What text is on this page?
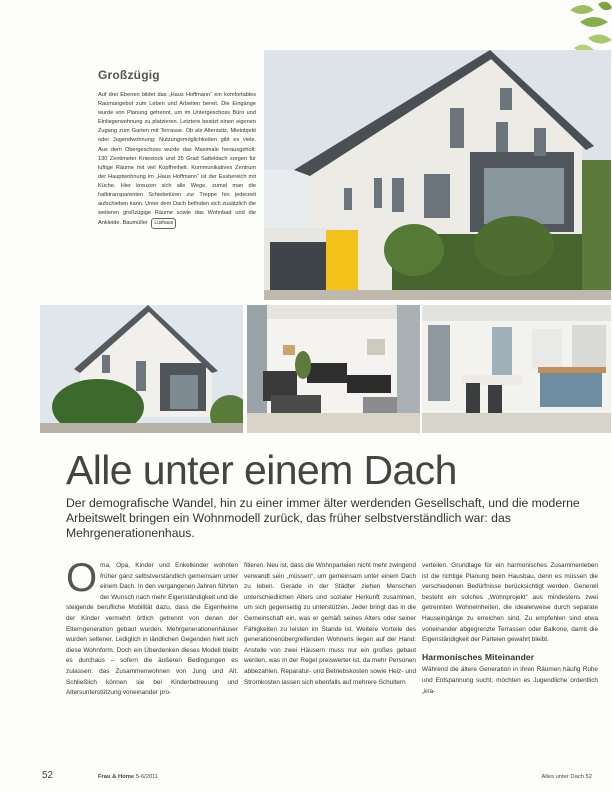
Großzügig

Auf drei Ebenen bildet das „Haus Hoffmann“ ein komfortables Raumangebot zum Leben und Arbeiten bereit. Die Eingänge wurde von Planung getrennt, um im Untergeschoss Büro und Einliegerwohnung zu platzieren. Letztere besitzt einen eigenen Zugang zum Garten mit Terrasse. Ob als Alterssitz, Mietobjekt oder Jugendwohnung: Nutzungsmöglichkeiten gibt es viele. Aus dem Obergeschoss wurde das Maximale herausgeholt: 130 Zentimeter Kniestock und 35 Grad Satteldach sorgen für luftige Räume mit viel Kopffreiheit. Kommunikatives Zentrum der Hauptwohnung im „Haus Hoffmann“ ist der Essbereich mit Küche. Hier kreuzen sich alle Wege, zumal man die halbtransparenten Schiebetüren zur Treppe hin jederzeit aufschieben kann. Unter dem Dach befinden sich zusätzlich die weiteren großzügige Räume sowie das Wohnbad und die Ankleide. Baumüller Luxhaus

Alle unter einem Dach

Der demografische Wandel, hin zu einer immer älter werdenden Gesellschaft, und die moderne Arbeitswelt bringen ein Wohnmodell zurück, das früher selbstverständlich war: das Mehrgenerationenhaus.

Oma, Opa, Kinder und Enkelkinder wohnten früher ganz selbstverständlich gemeinsam unter einem Dach. In den vergangenen Jahren führten der Wunsch nach mehr Eigenständigkeit und die steigende berufliche Mobilität dazu, dass die Eigenheime der Kinder vermehrt örtlich getrennt von denen der Elterngeneration gebaut wurden. Mehrgenerationenhäuser wurden seltener. Lediglich in ländlichen Gegenden hielt sich diese Wohnform. Doch ein Überdenken dieses Modell bleibt es durchaus – sofern die äußeren Bedingungen es zulassen: das Zusammenwohnen von Jung und Alt. Schließlich können sie bei Kinderbetreuung und Altersunterstützung voneinander pro-
fitieren. Neu ist, dass die Wohnparteien nicht mehr zwingend verwandt sein „müssen“, um gemeinsam unter einem Dach zu leben. Gerade in der Städter ziehen Menschen unterschiedlichen Alters und sozialer Herkunft zusammen, um sich gegenseitig zu unterstützen. Jeder bringt das in die Gemeinschaft ein, was er gemäß seines Alters oder seiner Fähigkeiten zu leisten im Stande ist. Weitere Vorteile des generationenübergreifenden Wohnens liegen auf der Hand: Anstelle von zwei Häusern muss nur ein großes gebaut werden, was in der Regel preiswerter ist, da mehr Personen abbezahlen. Reparatur- und Betriebskosten sowie Heiz- und Stromkosten lassen sich ebenfalls auf mehrere Schultern

verteilen. Grundlage für ein harmonisches Zusammenleben ist die richtige Planung beim Hausbau, denn es müssen die verschiedenen Bedürfnisse berücksichtigt werden. Generell besteht ein solches „Wohnprojekt“ aus mindestens zwei getrennten Wohneinheiten, die idealerweise durch separate Hauseingänge zu erreichen sind. Zu empfehlen sind etwa voneinander abgegrenzte Terrassen oder Balkone, damit die Eigenständigkeit der Parteien gewahrt bleibt.

Harmonisches Miteinander

Während die ältere Generation in ihren Räumen häufig Ruhe und Entspannung sucht, möchten es Jugendliche ordentlich „kra-

52	Frau & Home 5-6/2011	Alles unter Dach 52
